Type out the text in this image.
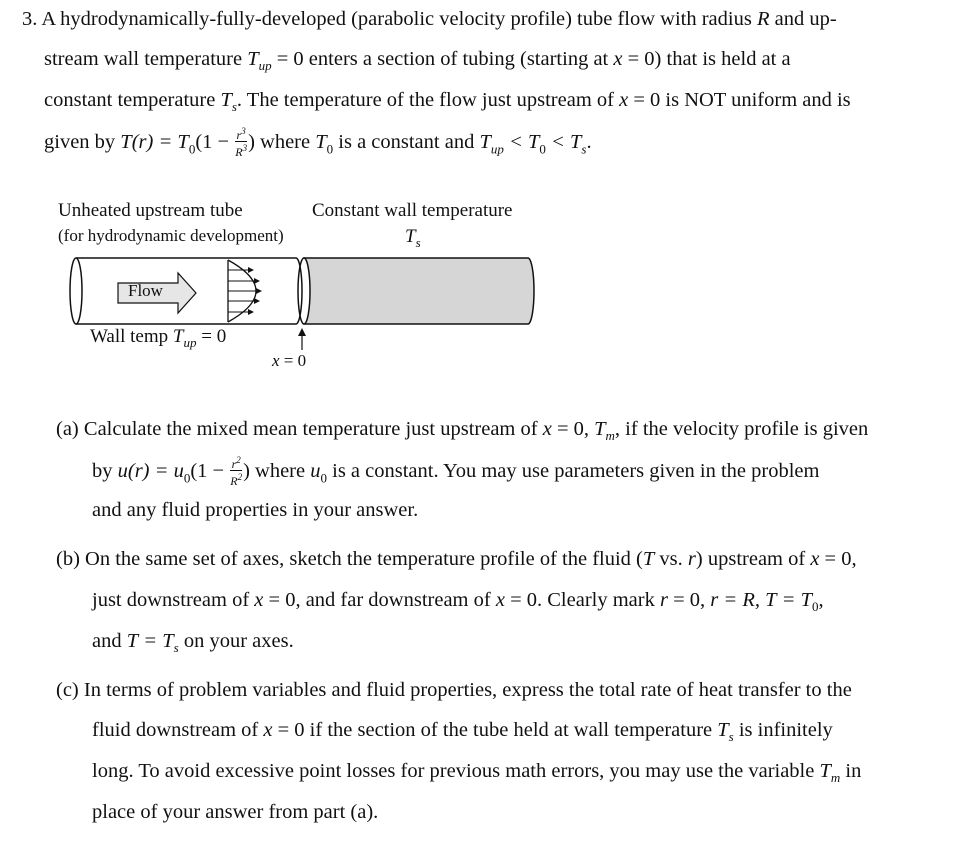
3. A hydrodynamically-fully-developed (parabolic velocity profile) tube flow with radius R and up-
stream wall temperature $T_{up} = 0$ enters a section of tubing (starting at x = 0) that is held at a
constant temperature $T_s$. The temperature of the flow just upstream of x = 0 is NOT uniform and is
given by $T(r) = T_0(1 - \frac{r^3}{R^3}$ ) where $T_0$ is a constant and $T_{up} < T_0 < T_s$.
Unheated upstream tube
(for hydrodynamic development)
Constant wall temperature
$T_s$
Flow
Wall temp $T_{up} = 0$
x = 0
(a) Calculate the mixed mean temperature just upstream of x = 0, $T_m$, if the velocity profile is given
by $u(r) = u_0(1 - \frac{r^2}{R^2}$ ) where $u_0$ is a constant. You may use parameters given in the problem
and any fluid properties in your answer.
(b) On the same set of axes, sketch the temperature profile of the fluid (T vs. r) upstream of x = 0,
just downstream of x = 0, and far downstream of x = 0. Clearly mark r = 0, r = R, $T = T_0$,
and $T = T_s$ on your axes.
(c) In terms of problem variables and fluid properties, express the total rate of heat transfer to the
fluid downstream of x = 0 if the section of the tube held at wall temperature $T_s$ is infinitely
long. To avoid excessive point losses for previous math errors, you may use the variable $T_m$ in
place of your answer from part (a).
